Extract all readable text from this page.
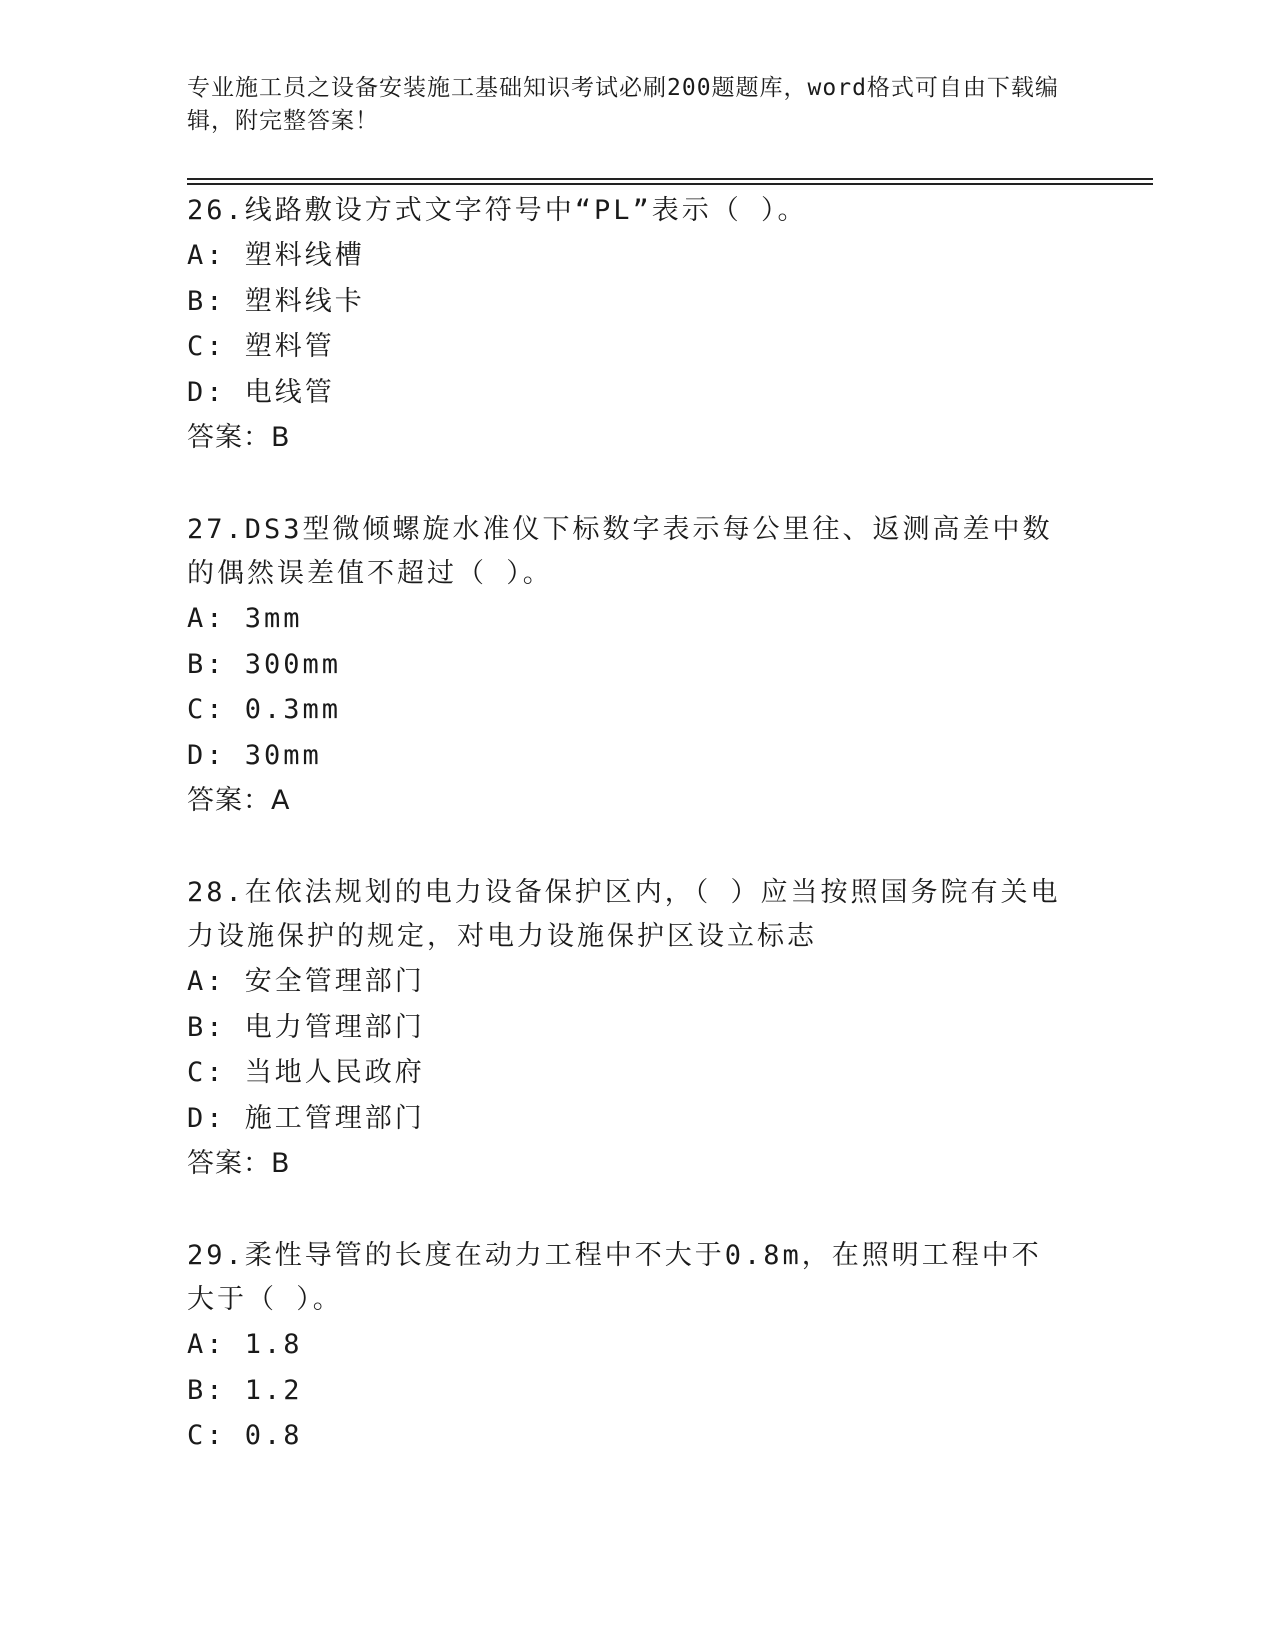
专业施工员之设备安装施工基础知识考试必刷200题题库，word格式可自由下载编辑，附完整答案！

26.线路敷设方式文字符号中“PL”表示（ ）。

A: 塑料线槽

B: 塑料线卡

C: 塑料管

D: 电线管

答案：B

27.DS3型微倾螺旋水准仪下标数字表示每公里往、返测高差中数的偶然误差值不超过（ ）。

A: 3mm

B: 300mm

C: 0.3mm

D: 30mm

答案：A

28.在依法规划的电力设备保护区内，（ ）应当按照国务院有关电力设施保护的规定，对电力设施保护区设立标志

A: 安全管理部门

B: 电力管理部门

C: 当地人民政府

D: 施工管理部门

答案：B

29.柔性导管的长度在动力工程中不大于0.8m，在照明工程中不大于（ ）。

A: 1.8

B: 1.2

C: 0.8
